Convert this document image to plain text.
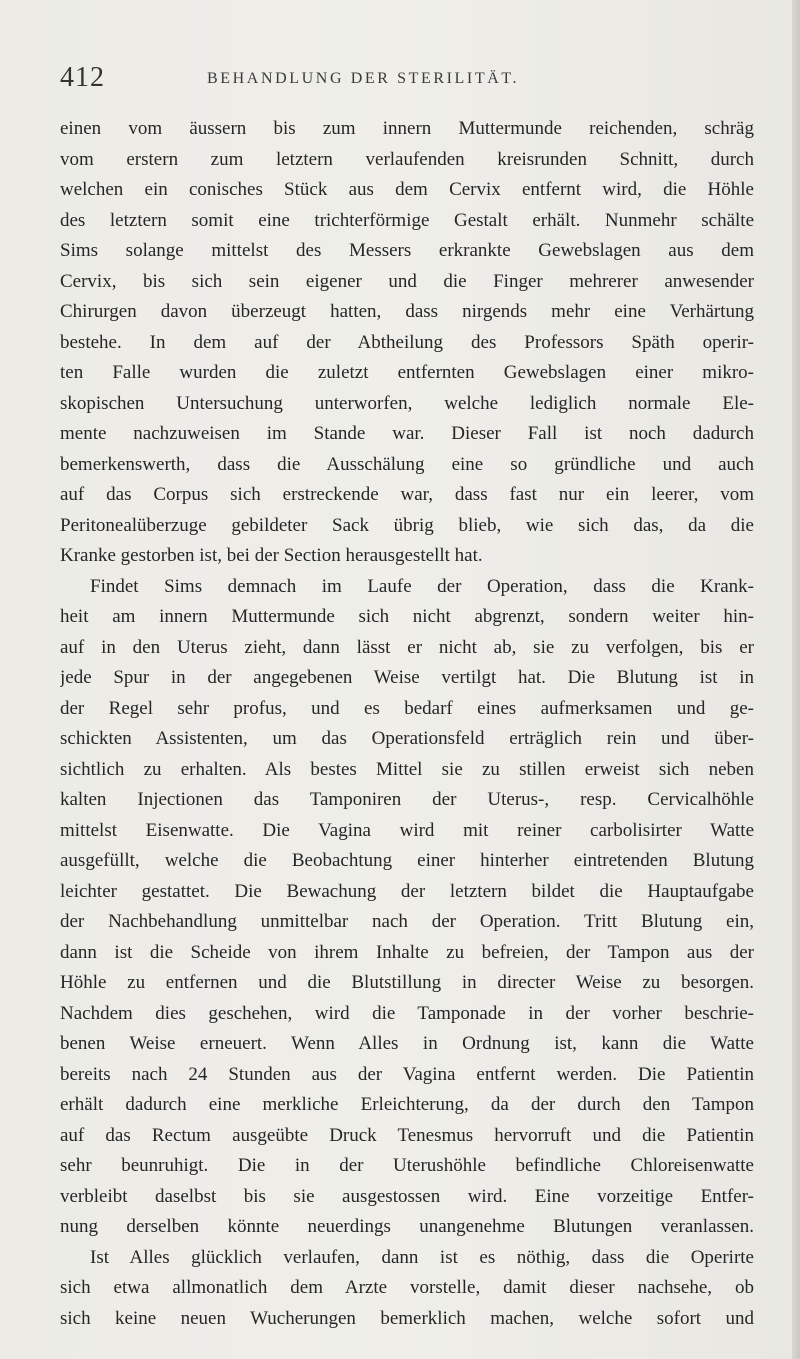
412	BEHANDLUNG DER STERILITÄT.
einen vom äussern bis zum innern Muttermunde reichenden, schräg
vom erstern zum letztern verlaufenden kreisrunden Schnitt, durch
welchen ein conisches Stück aus dem Cervix entfernt wird, die Höhle
des letztern somit eine trichterförmige Gestalt erhält. Nunmehr schälte
Sims solange mittelst des Messers erkrankte Gewebslagen aus dem
Cervix, bis sich sein eigener und die Finger mehrerer anwesender
Chirurgen davon überzeugt hatten, dass nirgends mehr eine Verhärtung
bestehe. In dem auf der Abtheilung des Professors Späth operir-
ten Falle wurden die zuletzt entfernten Gewebslagen einer mikro-
skopischen Untersuchung unterworfen, welche lediglich normale Ele-
mente nachzuweisen im Stande war. Dieser Fall ist noch dadurch
bemerkenswerth, dass die Ausschälung eine so gründliche und auch
auf das Corpus sich erstreckende war, dass fast nur ein leerer, vom
Peritonealüberzuge gebildeter Sack übrig blieb, wie sich das, da die
Kranke gestorben ist, bei der Section herausgestellt hat.
Findet Sims demnach im Laufe der Operation, dass die Krank-
heit am innern Muttermunde sich nicht abgrenzt, sondern weiter hin-
auf in den Uterus zieht, dann lässt er nicht ab, sie zu verfolgen, bis er
jede Spur in der angegebenen Weise vertilgt hat. Die Blutung ist in
der Regel sehr profus, und es bedarf eines aufmerksamen und ge-
schickten Assistenten, um das Operationsfeld erträglich rein und über-
sichtlich zu erhalten. Als bestes Mittel sie zu stillen erweist sich neben
kalten Injectionen das Tamponiren der Uterus-, resp. Cervicalhöhle
mittelst Eisenwatte. Die Vagina wird mit reiner carbolisirter Watte
ausgefüllt, welche die Beobachtung einer hinterher eintretenden Blutung
leichter gestattet. Die Bewachung der letztern bildet die Hauptaufgabe
der Nachbehandlung unmittelbar nach der Operation. Tritt Blutung ein,
dann ist die Scheide von ihrem Inhalte zu befreien, der Tampon aus der
Höhle zu entfernen und die Blutstillung in directer Weise zu besorgen.
Nachdem dies geschehen, wird die Tamponade in der vorher beschrie-
benen Weise erneuert. Wenn Alles in Ordnung ist, kann die Watte
bereits nach 24 Stunden aus der Vagina entfernt werden. Die Patientin
erhält dadurch eine merkliche Erleichterung, da der durch den Tampon
auf das Rectum ausgeübte Druck Tenesmus hervorruft und die Patientin
sehr beunruhigt. Die in der Uterushöhle befindliche Chloreisenwatte
verbleibt daselbst bis sie ausgestossen wird. Eine vorzeitige Entfer-
nung derselben könnte neuerdings unangenehme Blutungen veranlassen.
Ist Alles glücklich verlaufen, dann ist es nöthig, dass die Operirte
sich etwa allmonatlich dem Arzte vorstelle, damit dieser nachsehe, ob
sich keine neuen Wucherungen bemerklich machen, welche sofort und
